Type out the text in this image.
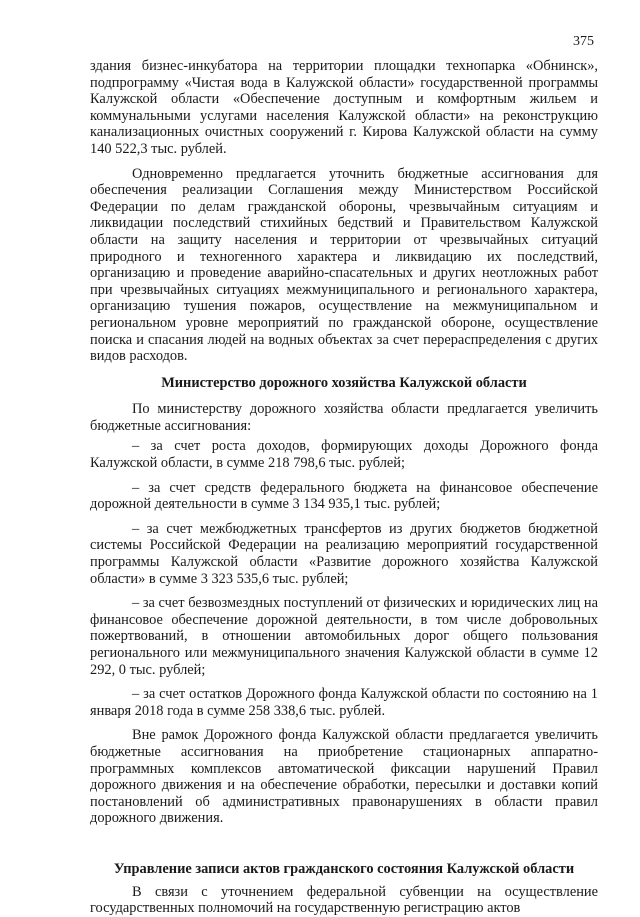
375

здания бизнес-инкубатора на территории площадки технопарка «Обнинск», подпрограмму «Чистая вода в Калужской области» государственной программы Калужской области «Обеспечение доступным и комфортным жильем и коммунальными услугами населения Калужской области» на реконструкцию канализационных очистных сооружений г. Кирова Калужской области на сумму 140 522,3 тыс. рублей.

Одновременно предлагается уточнить бюджетные ассигнования для обеспечения реализации Соглашения между Министерством Российской Федерации по делам гражданской обороны, чрезвычайным ситуациям и ликвидации последствий стихийных бедствий и Правительством Калужской области на защиту населения и территории от чрезвычайных ситуаций природного и техногенного характера и ликвидацию их последствий, организацию и проведение аварийно-спасательных и других неотложных работ при чрезвычайных ситуациях межмуниципального и регионального характера, организацию тушения пожаров, осуществление на межмуниципальном и региональном уровне мероприятий по гражданской обороне, осуществление поиска и спасания людей на водных объектах за счет перераспределения с других видов расходов.

Министерство дорожного хозяйства Калужской области

По министерству дорожного хозяйства области предлагается увеличить бюджетные ассигнования:

– за счет роста доходов, формирующих доходы Дорожного фонда Калужской области, в сумме 218 798,6 тыс. рублей;

– за счет средств федерального бюджета на финансовое обеспечение дорожной деятельности в сумме 3 134 935,1 тыс. рублей;

– за счет межбюджетных трансфертов из других бюджетов бюджетной системы Российской Федерации на реализацию мероприятий государственной программы Калужской области «Развитие дорожного хозяйства Калужской области» в сумме 3 323 535,6 тыс. рублей;

– за счет безвозмездных поступлений от физических и юридических лиц на финансовое обеспечение дорожной деятельности, в том числе добровольных пожертвований, в отношении автомобильных дорог общего пользования регионального или межмуниципального значения Калужской области в сумме 12 292, 0 тыс. рублей;

– за счет остатков Дорожного фонда Калужской области по состоянию на 1 января 2018 года в сумме 258 338,6 тыс. рублей.

Вне рамок Дорожного фонда Калужской области предлагается увеличить бюджетные ассигнования на приобретение стационарных аппаратно-программных комплексов автоматической фиксации нарушений Правил дорожного движения и на обеспечение обработки, пересылки и доставки копий постановлений об административных правонарушениях в области правил дорожного движения.

Управление записи актов гражданского состояния Калужской области

В связи с уточнением федеральной субвенции на осуществление государственных полномочий на государственную регистрацию актов
